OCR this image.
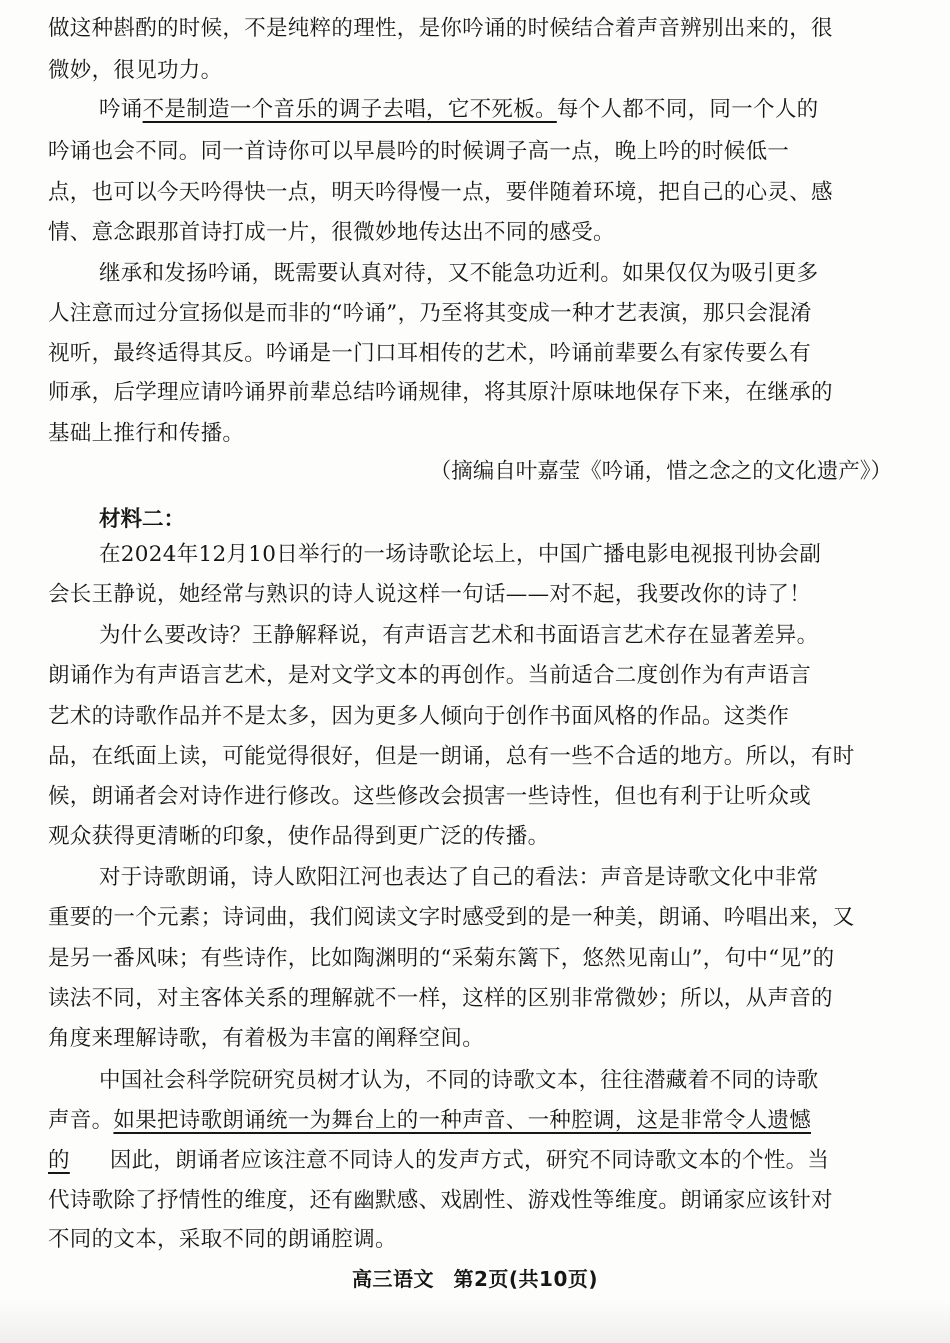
做这种斟酌的时候，不是纯粹的理性，是你吟诵的时候结合着声音辨别出来的，很
微妙，很见功力。
吟诵不是制造一个音乐的调子去唱，它不死板。每个人都不同，同一个人的
吟诵也会不同。同一首诗你可以早晨吟的时候调子高一点，晚上吟的时候低一
点，也可以今天吟得快一点，明天吟得慢一点，要伴随着环境，把自己的心灵、感
情、意念跟那首诗打成一片，很微妙地传达出不同的感受。
继承和发扬吟诵，既需要认真对待，又不能急功近利。如果仅仅为吸引更多
人注意而过分宣扬似是而非的“吟诵”，乃至将其变成一种才艺表演，那只会混淆
视听，最终适得其反。吟诵是一门口耳相传的艺术，吟诵前辈要么有家传要么有
师承，后学理应请吟诵界前辈总结吟诵规律，将其原汁原味地保存下来，在继承的
基础上推行和传播。
（摘编自叶嘉莹《吟诵，惜之念之的文化遗产》）
材料二：
在2024年12月10日举行的一场诗歌论坛上，中国广播电影电视报刊协会副
会长王静说，她经常与熟识的诗人说这样一句话——对不起，我要改你的诗了！
为什么要改诗？王静解释说，有声语言艺术和书面语言艺术存在显著差异。
朗诵作为有声语言艺术，是对文学文本的再创作。当前适合二度创作为有声语言
艺术的诗歌作品并不是太多，因为更多人倾向于创作书面风格的作品。这类作
品，在纸面上读，可能觉得很好，但是一朗诵，总有一些不合适的地方。所以，有时
候，朗诵者会对诗作进行修改。这些修改会损害一些诗性，但也有利于让听众或
观众获得更清晰的印象，使作品得到更广泛的传播。
对于诗歌朗诵，诗人欧阳江河也表达了自己的看法：声音是诗歌文化中非常
重要的一个元素；诗词曲，我们阅读文字时感受到的是一种美，朗诵、吟唱出来，又
是另一番风味；有些诗作，比如陶渊明的“采菊东篱下，悠然见南山”，句中“见”的
读法不同，对主客体关系的理解就不一样，这样的区别非常微妙；所以，从声音的
角度来理解诗歌，有着极为丰富的阐释空间。
中国社会科学院研究员树才认为，不同的诗歌文本，往往潜藏着不同的诗歌
声音。如果把诗歌朗诵统一为舞台上的一种声音、一种腔调，这是非常令人遗憾
的 因此，朗诵者应该注意不同诗人的发声方式，研究不同诗歌文本的个性。当
代诗歌除了抒情性的维度，还有幽默感、戏剧性、游戏性等维度。朗诵家应该针对
不同的文本，采取不同的朗诵腔调。
高三语文 第2页(共10页)
